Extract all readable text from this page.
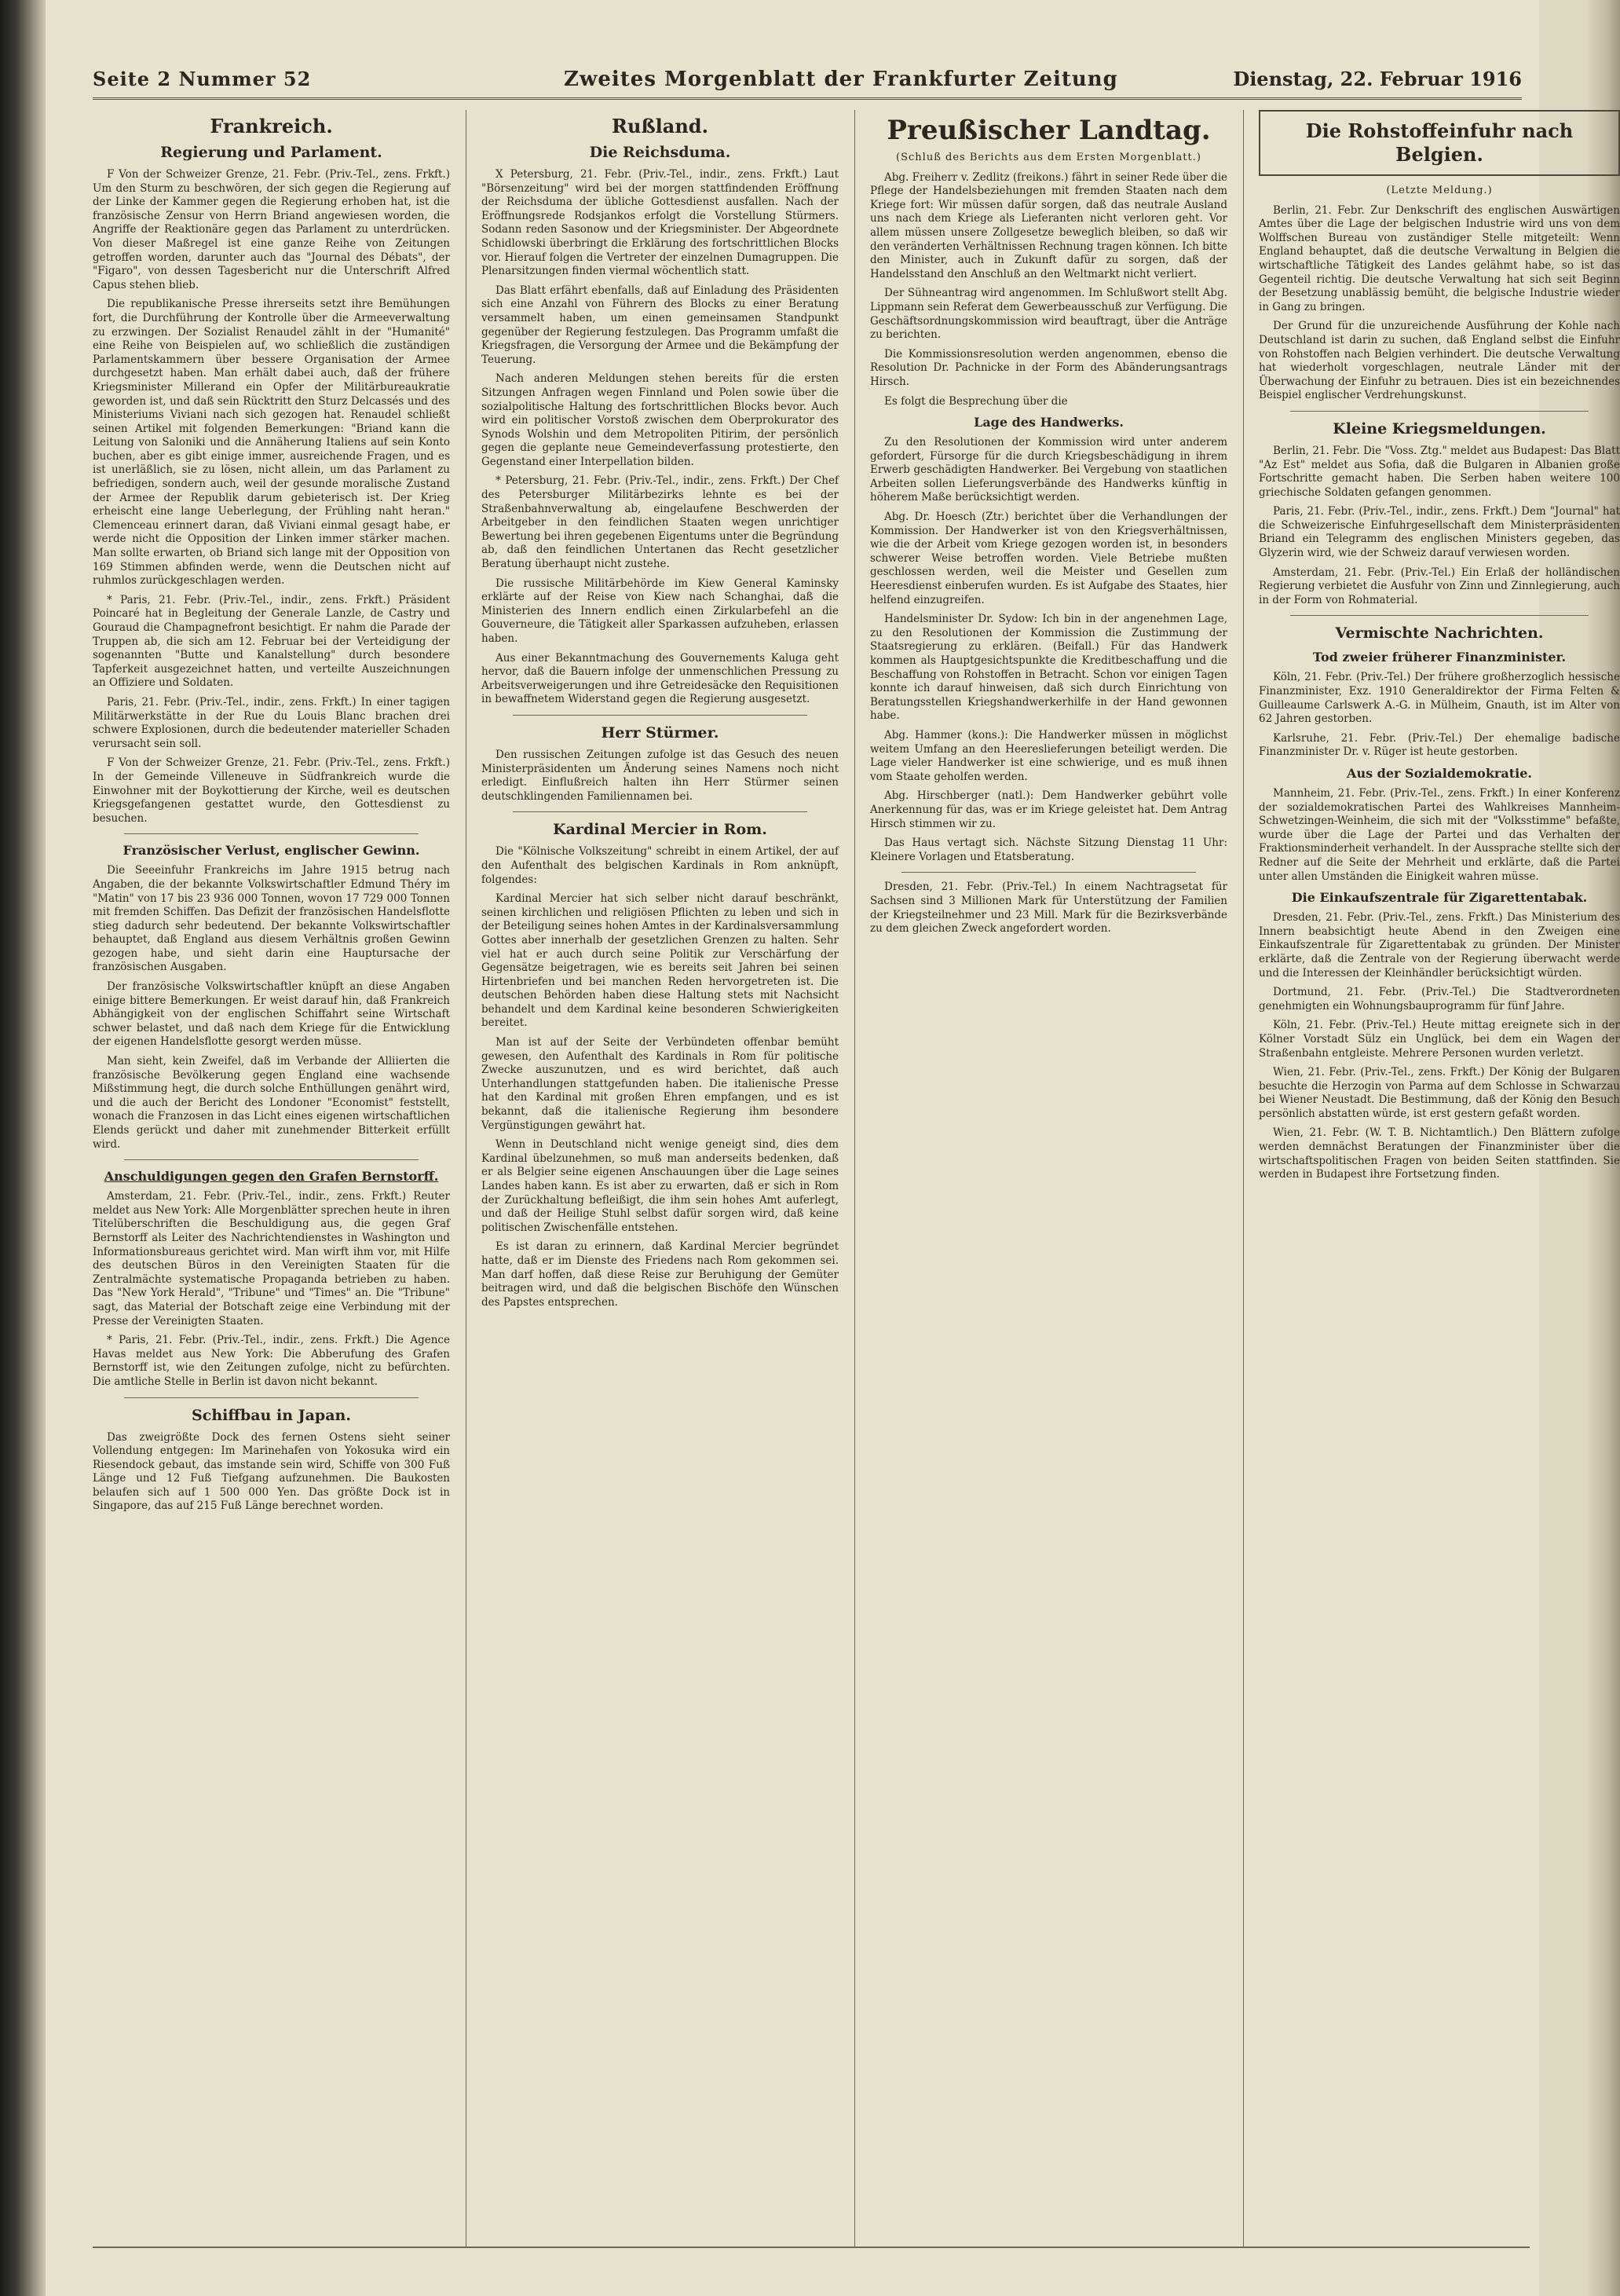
Seite 2 Nummer 52	Zweites Morgenblatt der Frankfurter Zeitung	Dienstag, 22. Februar 1916
Frankreich.
Regierung und Parlament.

F Von der Schweizer Grenze, 21. Febr. (Priv.-Tel., zens. Frkft.) Um den Sturm zu beschwören, der sich gegen die Regierung auf der Linke der Kammer gegen die Regierung erhoben hat, ist die französische Zensur von Herrn Briand angewiesen worden, die Angriffe der Reaktionäre gegen das Parlament zu unterdrücken. Von dieser Maßregel ist eine ganze Reihe von Zeitungen getroffen worden, darunter auch das "Journal des Débats", der "Figaro", von dessen Tagesbericht nur die Unterschrift Alfred Capus stehen blieb.

Die republikanische Presse ihrerseits setzt ihre Bemühungen fort, die Durchführung der Kontrolle über die Armeeverwaltung zu erzwingen. Der Sozialist Renaudel zählt in der "Humanité" eine Reihe von Beispielen auf, wo schließlich die zuständigen Parlamentskammern über bessere Organisation der Armee durchgesetzt haben. Man erhält dabei auch, daß der frühere Kriegsminister Millerand ein Opfer der Militärbureaukratie geworden ist, und daß sein Rücktritt den Sturz Delcassés und des Ministeriums Viviani nach sich gezogen hat. Renaudel schließt seinen Artikel mit folgenden Bemerkungen: "Briand kann die Leitung von Saloniki und die Annäherung Italiens auf sein Konto buchen, aber es gibt einige immer, ausreichende Fragen, und es ist unerläßlich, sie zu lösen, nicht allein, um das Parlament zu befriedigen, sondern auch, weil der gesunde moralische Zustand der Armee der Republik darum gebieterisch ist. Der Krieg erheischt eine lange Ueberlegung, der Frühling naht heran." Clemenceau erinnert daran, daß Viviani einmal gesagt habe, er werde nicht die Opposition der Linken immer stärker machen. Man sollte erwarten, ob Briand sich lange mit der Opposition von 169 Stimmen abfinden werde, wenn die Deutschen nicht auf ruhmlos zurückgeschlagen werden.

* Paris, 21. Febr. (Priv.-Tel., indir., zens. Frkft.) Präsident Poincaré hat in Begleitung der Generale Lanzle, de Castry und Gouraud die Champagnefront besichtigt. Er nahm die Parade der Truppen ab, die sich am 12. Februar bei der Verteidigung der sogenannten "Butte und Kanalstellung" durch besondere Tapferkeit ausgezeichnet hatten, und verteilte Auszeichnungen an Offiziere und Soldaten.

Paris, 21. Febr. (Priv.-Tel., indir., zens. Frkft.) In einer tagigen Militärwerkstätte in der Rue du Louis Blanc brachen drei schwere Explosionen, durch die bedeutender materieller Schaden verursacht sein soll.

F Von der Schweizer Grenze, 21. Febr. (Priv.-Tel., zens. Frkft.) In der Gemeinde Villeneuve in Südfrankreich wurde die Einwohner mit der Boykottierung der Kirche, weil es deutschen Kriegsgefangenen gestattet wurde, den Gottesdienst zu besuchen.

Französischer Verlust, englischer Gewinn.

Die Seeeinfuhr Frankreichs im Jahre 1915 betrug nach Angaben, die der bekannte Volkswirtschaftler Edmund Théry im "Matin" von 17 bis 23 936 000 Tonnen, wovon 17 729 000 Tonnen mit fremden Schiffen. Das Defizit der französischen Handelsflotte stieg dadurch sehr bedeutend. Der bekannte Volkswirtschaftler behauptet, daß England aus diesem Verhältnis großen Gewinn gezogen habe, und sieht darin eine Hauptursache der französischen Ausgaben.

Der französische Volkswirtschaftler knüpft an diese Angaben einige bittere Bemerkungen. Er weist darauf hin, daß Frankreich Abhängigkeit von der englischen Schiffahrt seine Wirtschaft schwer belastet, und daß nach dem Kriege für die Entwicklung der eigenen Handelsflotte gesorgt werden müsse.

Man sieht, kein Zweifel, daß im Verbande der Alliierten die französische Bevölkerung gegen England eine wachsende Mißstimmung hegt, die durch solche Enthüllungen genährt wird, und die auch der Bericht des Londoner "Economist" feststellt, wonach die Franzosen in das Licht eines eigenen wirtschaftlichen Elends gerückt und daher mit zunehmender Bitterkeit erfüllt wird.

Anschuldigungen gegen den Grafen Bernstorff.

Amsterdam, 21. Febr. (Priv.-Tel., indir., zens. Frkft.) Reuter meldet aus New York: Alle Morgenblätter sprechen heute in ihren Titelüberschriften die Beschuldigung aus, die gegen Graf Bernstorff als Leiter des Nachrichtendienstes in Washington und Informationsbureaus gerichtet wird. Man wirft ihm vor, mit Hilfe des deutschen Büros in den Vereinigten Staaten für die Zentralmächte systematische Propaganda betrieben zu haben. Das "New York Herald", "Tribune" und "Times" an. Die "Tribune" sagt, das Material der Botschaft zeige eine Verbindung mit der Presse der Vereinigten Staaten.

* Paris, 21. Febr. (Priv.-Tel., indir., zens. Frkft.) Die Agence Havas meldet aus New York: Die Abberufung des Grafen Bernstorff ist, wie den Zeitungen zufolge, nicht zu befürchten. Die amtliche Stelle in Berlin ist davon nicht bekannt.

Schiffbau in Japan.

Das zweigrößte Dock des fernen Ostens sieht seiner Vollendung entgegen: Im Marinehafen von Yokosuka wird ein Riesendock gebaut, das imstande sein wird, Schiffe von 300 Fuß Länge und 12 Fuß Tiefgang aufzunehmen. Die Baukosten belaufen sich auf 1 500 000 Yen. Das größte Dock ist in Singapore, das auf 215 Fuß Länge berechnet worden.

Rußland.
Die Reichsduma.

X Petersburg, 21. Febr. (Priv.-Tel., indir., zens. Frkft.) Laut "Börsenzeitung" wird bei der morgen stattfindenden Eröffnung der Reichsduma der übliche Gottesdienst ausfallen. Nach der Eröffnungsrede Rodsjankos erfolgt die Vorstellung Stürmers. Sodann reden Sasonow und der Kriegsminister. Der Abgeordnete Schidlowski überbringt die Erklärung des fortschrittlichen Blocks vor. Hierauf folgen die Vertreter der einzelnen Dumagruppen. Die Plenarsitzungen finden viermal wöchentlich statt.

Das Blatt erfährt ebenfalls, daß auf Einladung des Präsidenten sich eine Anzahl von Führern des Blocks zu einer Beratung versammelt haben, um einen gemeinsamen Standpunkt gegenüber der Regierung festzulegen. Das Programm umfaßt die Kriegsfragen, die Versorgung der Armee und die Bekämpfung der Teuerung.

Nach anderen Meldungen stehen bereits für die ersten Sitzungen Anfragen wegen Finnland und Polen sowie über die sozialpolitische Haltung des fortschrittlichen Blocks bevor. Auch wird ein politischer Vorstoß zwischen dem Oberprokurator des Synods Wolshin und dem Metropoliten Pitirim, der persönlich gegen die geplante neue Gemeindeverfassung protestierte, den Gegenstand einer Interpellation bilden.

* Petersburg, 21. Febr. (Priv.-Tel., indir., zens. Frkft.) Der Chef des Petersburger Militärbezirks lehnte es bei der Straßenbahnverwaltung ab, eingelaufene Beschwerden der Arbeitgeber in den feindlichen Staaten wegen unrichtiger Bewertung bei ihren gegebenen Eigentums unter die Begründung ab, daß den feindlichen Untertanen das Recht gesetzlicher Beratung überhaupt nicht zustehe.

Die russische Militärbehörde im Kiew General Kaminsky erklärte auf der Reise von Kiew nach Schanghai, daß die Ministerien des Innern endlich einen Zirkularbefehl an die Gouverneure, die Tätigkeit aller Sparkassen aufzuheben, erlassen haben.

Aus einer Bekanntmachung des Gouvernements Kaluga geht hervor, daß die Bauern infolge der unmenschlichen Pressung zu Arbeitsverweigerungen und ihre Getreidesäcke den Requisitionen in bewaffnetem Widerstand gegen die Regierung ausgesetzt.

Herr Stürmer.

Den russischen Zeitungen zufolge ist das Gesuch des neuen Ministerpräsidenten um Änderung seines Namens noch nicht erledigt. Einflußreich halten ihn Herr Stürmer seinen deutschklingenden Familiennamen bei.

Kardinal Mercier in Rom.

Die "Kölnische Volkszeitung" schreibt in einem Artikel, der auf den Aufenthalt des belgischen Kardinals in Rom anknüpft, folgendes:

Kardinal Mercier hat sich selber nicht darauf beschränkt, seinen kirchlichen und religiösen Pflichten zu leben und sich in der Beteiligung seines hohen Amtes in der Kardinalsversammlung Gottes aber innerhalb der gesetzlichen Grenzen zu halten. Sehr viel hat er auch durch seine Politik zur Verschärfung der Gegensätze beigetragen, wie es bereits seit Jahren bei seinen Hirtenbriefen und bei manchen Reden hervorgetreten ist. Die deutschen Behörden haben diese Haltung stets mit Nachsicht behandelt und dem Kardinal keine besonderen Schwierigkeiten bereitet.

Man ist auf der Seite der Verbündeten offenbar bemüht gewesen, den Aufenthalt des Kardinals in Rom für politische Zwecke auszunutzen, und es wird berichtet, daß auch Unterhandlungen stattgefunden haben. Die italienische Presse hat den Kardinal mit großen Ehren empfangen, und es ist bekannt, daß die italienische Regierung ihm besondere Vergünstigungen gewährt hat.

Wenn in Deutschland nicht wenige geneigt sind, dies dem Kardinal übelzunehmen, so muß man anderseits bedenken, daß er als Belgier seine eigenen Anschauungen über die Lage seines Landes haben kann. Es ist aber zu erwarten, daß er sich in Rom der Zurückhaltung befleißigt, die ihm sein hohes Amt auferlegt, und daß der Heilige Stuhl selbst dafür sorgen wird, daß keine politischen Zwischenfälle entstehen.

Es ist daran zu erinnern, daß Kardinal Mercier begründet hatte, daß er im Dienste des Friedens nach Rom gekommen sei. Man darf hoffen, daß diese Reise zur Beruhigung der Gemüter beitragen wird, und daß die belgischen Bischöfe den Wünschen des Papstes entsprechen.

Preußischer Landtag.
(Schluß des Berichts aus dem Ersten Morgenblatt.)

Abg. Freiherr v. Zedlitz (freikons.) fährt in seiner Rede über die Pflege der Handelsbeziehungen mit fremden Staaten nach dem Kriege fort: Wir müssen dafür sorgen, daß das neutrale Ausland uns nach dem Kriege als Lieferanten nicht verloren geht. Vor allem müssen unsere Zollgesetze beweglich bleiben, so daß wir den veränderten Verhältnissen Rechnung tragen können. Ich bitte den Minister, auch in Zukunft dafür zu sorgen, daß der Handelsstand den Anschluß an den Weltmarkt nicht verliert.

Der Sühneantrag wird angenommen. Im Schlußwort stellt Abg. Lippmann sein Referat dem Gewerbeausschuß zur Verfügung. Die Geschäftsordnungskommission wird beauftragt, über die Anträge zu berichten.

Die Kommissionsresolution werden angenommen, ebenso die Resolution Dr. Pachnicke in der Form des Abänderungsantrags Hirsch.

Es folgt die Besprechung über die

Lage des Handwerks.

Zu den Resolutionen der Kommission wird unter anderem gefordert, Fürsorge für die durch Kriegsbeschädigung in ihrem Erwerb geschädigten Handwerker. Bei Vergebung von staatlichen Arbeiten sollen Lieferungsverbände des Handwerks künftig in höherem Maße berücksichtigt werden.

Abg. Dr. Hoesch (Ztr.) berichtet über die Verhandlungen der Kommission. Der Handwerker ist von den Kriegsverhältnissen, wie die der Arbeit vom Kriege gezogen worden ist, in besonders schwerer Weise betroffen worden. Viele Betriebe mußten geschlossen werden, weil die Meister und Gesellen zum Heeresdienst einberufen wurden. Es ist Aufgabe des Staates, hier helfend einzugreifen.

Handelsminister Dr. Sydow: Ich bin in der angenehmen Lage, zu den Resolutionen der Kommission die Zustimmung der Staatsregierung zu erklären. (Beifall.) Für das Handwerk kommen als Hauptgesichtspunkte die Kreditbeschaffung und die Beschaffung von Rohstoffen in Betracht. Schon vor einigen Tagen konnte ich darauf hinweisen, daß sich durch Einrichtung von Beratungsstellen Kriegshandwerkerhilfe in der Hand gewonnen habe.

Abg. Hammer (kons.): Die Handwerker müssen in möglichst weitem Umfang an den Heereslieferungen beteiligt werden. Die Lage vieler Handwerker ist eine schwierige, und es muß ihnen vom Staate geholfen werden.

Abg. Hirschberger (natl.): Dem Handwerker gebührt volle Anerkennung für das, was er im Kriege geleistet hat. Dem Antrag Hirsch stimmen wir zu.

Das Haus vertagt sich. Nächste Sitzung Dienstag 11 Uhr: Kleinere Vorlagen und Etatsberatung.

Dresden, 21. Febr. (Priv.-Tel.) In einem Nachtragsetat für Sachsen sind 3 Millionen Mark für Unterstützung der Familien der Kriegsteilnehmer und 23 Mill. Mark für die Bezirksverbände zu dem gleichen Zweck angefordert worden.

Die Rohstoffeinfuhr nach Belgien.
(Letzte Meldung.)

Berlin, 21. Febr. Zur Denkschrift des englischen Auswärtigen Amtes über die Lage der belgischen Industrie wird uns von dem Wolffschen Bureau von zuständiger Stelle mitgeteilt: Wenn England behauptet, daß die deutsche Verwaltung in Belgien die wirtschaftliche Tätigkeit des Landes gelähmt habe, so ist das Gegenteil richtig. Die deutsche Verwaltung hat sich seit Beginn der Besetzung unablässig bemüht, die belgische Industrie wieder in Gang zu bringen.

Der Grund für die unzureichende Ausführung der Kohle nach Deutschland ist darin zu suchen, daß England selbst die Einfuhr von Rohstoffen nach Belgien verhindert. Die deutsche Verwaltung hat wiederholt vorgeschlagen, neutrale Länder mit der Überwachung der Einfuhr zu betrauen. Dies ist ein bezeichnendes Beispiel englischer Verdrehungskunst.

Kleine Kriegsmeldungen.

Berlin, 21. Febr. Die "Voss. Ztg." meldet aus Budapest: Das Blatt "Az Est" meldet aus Sofia, daß die Bulgaren in Albanien große Fortschritte gemacht haben. Die Serben haben weitere 100 griechische Soldaten gefangen genommen.

Paris, 21. Febr. (Priv.-Tel., indir., zens. Frkft.) Dem "Journal" hat die Schweizerische Einfuhrgesellschaft dem Ministerpräsidenten Briand ein Telegramm des englischen Ministers gegeben, das Glyzerin wird, wie der Schweiz darauf verwiesen worden.

Amsterdam, 21. Febr. (Priv.-Tel.) Ein Erlaß der holländischen Regierung verbietet die Ausfuhr von Zinn und Zinnlegierung, auch in der Form von Rohmaterial.

Vermischte Nachrichten.
Tod zweier früherer Finanzminister.

Köln, 21. Febr. (Priv.-Tel.) Der frühere großherzoglich hessische Finanzminister, Exz. 1910 Generaldirektor der Firma Felten & Guilleaume Carlswerk A.-G. in Mülheim, Gnauth, ist im Alter von 62 Jahren gestorben.

Karlsruhe, 21. Febr. (Priv.-Tel.) Der ehemalige badische Finanzminister Dr. v. Rüger ist heute gestorben.

Aus der Sozialdemokratie.

Mannheim, 21. Febr. (Priv.-Tel., zens. Frkft.) In einer Konferenz der sozialdemokratischen Partei des Wahlkreises Mannheim-Schwetzingen-Weinheim, die sich mit der "Volksstimme" befaßte, wurde über die Lage der Partei und das Verhalten der Fraktionsminderheit verhandelt. In der Aussprache stellte sich der Redner auf die Seite der Mehrheit und erklärte, daß die Partei unter allen Umständen die Einigkeit wahren müsse.

Die Einkaufszentrale für Zigarettentabak.

Dresden, 21. Febr. (Priv.-Tel., zens. Frkft.) Das Ministerium des Innern beabsichtigt heute Abend in den Zweigen eine Einkaufszentrale für Zigarettentabak zu gründen. Der Minister erklärte, daß die Zentrale von der Regierung überwacht werde und die Interessen der Kleinhändler berücksichtigt würden.

Dortmund, 21. Febr. (Priv.-Tel.) Die Stadtverordneten genehmigten ein Wohnungsbauprogramm für fünf Jahre.

Köln, 21. Febr. (Priv.-Tel.) Heute mittag ereignete sich in der Kölner Vorstadt Sülz ein Unglück, bei dem ein Wagen der Straßenbahn entgleiste. Mehrere Personen wurden verletzt.

Wien, 21. Febr. (Priv.-Tel., zens. Frkft.) Der König der Bulgaren besuchte die Herzogin von Parma auf dem Schlosse in Schwarzau bei Wiener Neustadt. Die Bestimmung, daß der König den Besuch persönlich abstatten würde, ist erst gestern gefaßt worden.

Wien, 21. Febr. (W. T. B. Nichtamtlich.) Den Blättern zufolge werden demnächst Beratungen der Finanzminister über die wirtschaftspolitischen Fragen von beiden Seiten stattfinden. Sie werden in Budapest ihre Fortsetzung finden.
